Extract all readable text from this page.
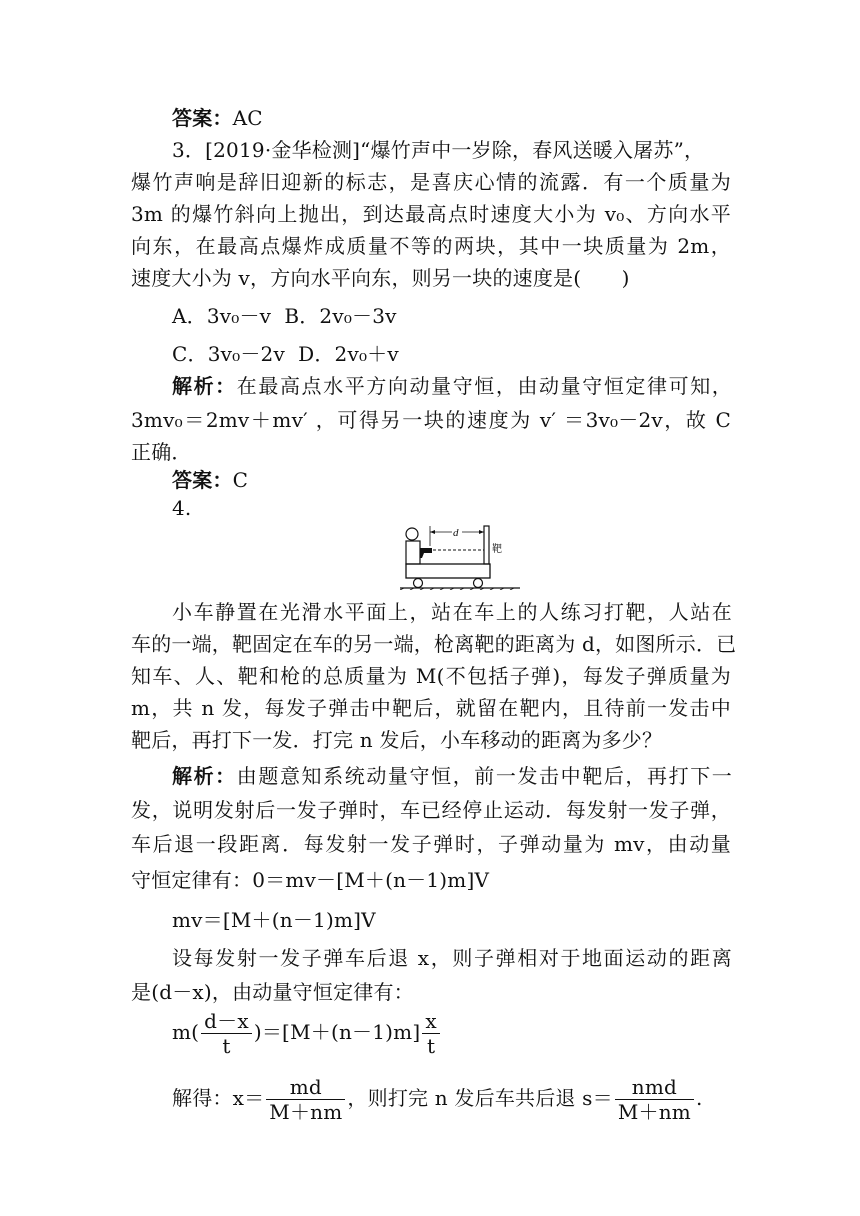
答案：AC
3．[2019·金华检测]“爆竹声中一岁除，春风送暖入屠苏”，
爆竹声响是辞旧迎新的标志，是喜庆心情的流露．有一个质量为
3m 的爆竹斜向上抛出，到达最高点时速度大小为 v₀、方向水平
向东，在最高点爆炸成质量不等的两块，其中一块质量为 2m，
速度大小为 v，方向水平向东，则另一块的速度是(　　)
A．3v₀－v B．2v₀－3v
C．3v₀－2v D．2v₀＋v
解析：在最高点水平方向动量守恒，由动量守恒定律可知，
3mv₀＝2mv＋mv′ ，可得另一块的速度为 v′ ＝3v₀－2v，故 C
正确．
答案：C
4.
d
靶
小车静置在光滑水平面上，站在车上的人练习打靶，人站在
车的一端，靶固定在车的另一端，枪离靶的距离为 d，如图所示．已
知车、人、靶和枪的总质量为 M(不包括子弹)，每发子弹质量为
m，共 n 发，每发子弹击中靶后，就留在靶内，且待前一发击中
靶后，再打下一发．打完 n 发后，小车移动的距离为多少？
解析：由题意知系统动量守恒，前一发击中靶后，再打下一
发，说明发射后一发子弹时，车已经停止运动．每发射一发子弹，
车后退一段距离．每发射一发子弹时，子弹动量为 mv，由动量
守恒定律有：0＝mv－[M＋(n－1)m]V
mv＝[M＋(n－1)m]V
设每发射一发子弹车后退 x，则子弹相对于地面运动的距离
是(d－x)，由动量守恒定律有：
$m( \frac{d-x}{t} )=[M+(n-1)m] \frac{x}{t}$
解得：$x= \frac{md}{M+nm}$ ，则打完 n 发后车共后退 $s= \frac{\text{nmd}}{M+nm}$ .
